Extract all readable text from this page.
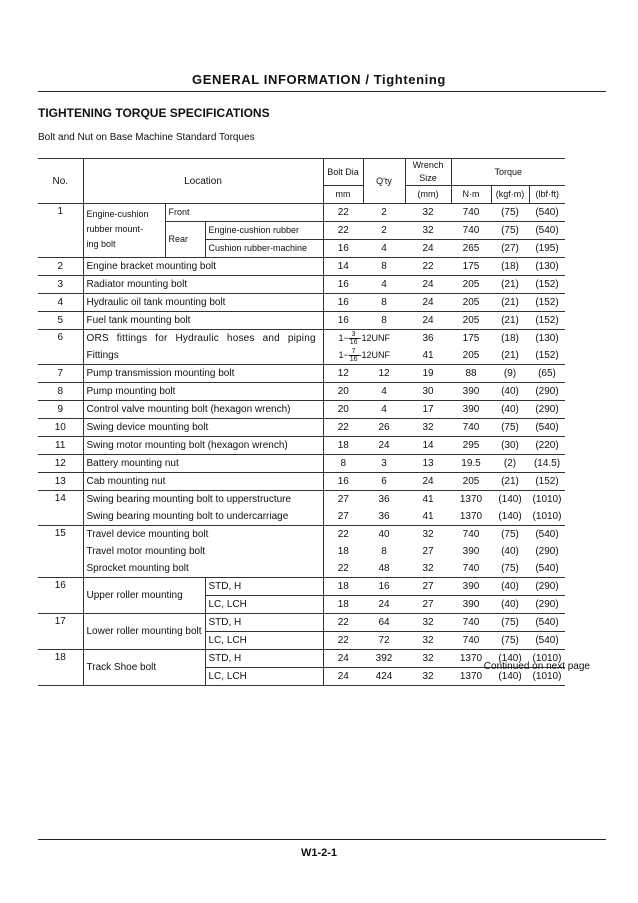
GENERAL INFORMATION / Tightening
TIGHTENING TORQUE SPECIFICATIONS
Bolt and Nut on Base Machine Standard Torques
No.	Location			Bolt Dia	Q'ty	Wrench
Size	Torque		
				mm		(mm)	N·m	(kgf·m)	(lbf·ft)
1	Engine-cushion
rubber mount-
ing bolt	Front		22	2	32	740	(75)	(540)
		Rear	Engine-cushion rubber	22	2	32	740	(75)	(540)
			Cushion rubber-machine	16	4	24	265	(27)	(195)
2	Engine bracket mounting bolt			14	8	22	175	(18)	(130)
3	Radiator mounting bolt			16	4	24	205	(21)	(152)
4	Hydraulic oil tank mounting bolt			16	8	24	205	(21)	(152)
5	Fuel tank mounting bolt			16	8	24	205	(21)	(152)
6	ORS fittings for Hydraulic hoses and piping			$1- \frac{3}{16} -12UNF$		36	175	(18)	(130)
	Fittings			$1- \frac{7}{16} -12UNF$		41	205	(21)	(152)
7	Pump transmission mounting bolt			12	12	19	88	(9)	(65)
8	Pump mounting bolt			20	4	30	390	(40)	(290)
9	Control valve mounting bolt (hexagon wrench)			20	4	17	390	(40)	(290)
10	Swing device mounting bolt			22	26	32	740	(75)	(540)
11	Swing motor mounting bolt (hexagon wrench)			18	24	14	295	(30)	(220)
12	Battery mounting nut			8	3	13	19.5	(2)	(14.5)
13	Cab mounting nut			16	6	24	205	(21)	(152)
14	Swing bearing mounting bolt to upperstructure			27	36	41	1370	(140)	(1010)
	Swing bearing mounting bolt to undercarriage			27	36	41	1370	(140)	(1010)
15	Travel device mounting bolt			22	40	32	740	(75)	(540)
	Travel motor mounting bolt			18	8	27	390	(40)	(290)
	Sprocket mounting bolt			22	48	32	740	(75)	(540)
16	Upper roller mounting		STD, H	18	16	27	390	(40)	(290)
			LC, LCH	18	24	27	390	(40)	(290)
17	Lower roller mounting bolt		STD, H	22	64	32	740	(75)	(540)
			LC, LCH	22	72	32	740	(75)	(540)
18	Track Shoe bolt		STD, H	24	392	32	1370	(140)	(1010)
			LC, LCH	24	424	32	1370	(140)	(1010)
Continued on next page
W1-2-1
